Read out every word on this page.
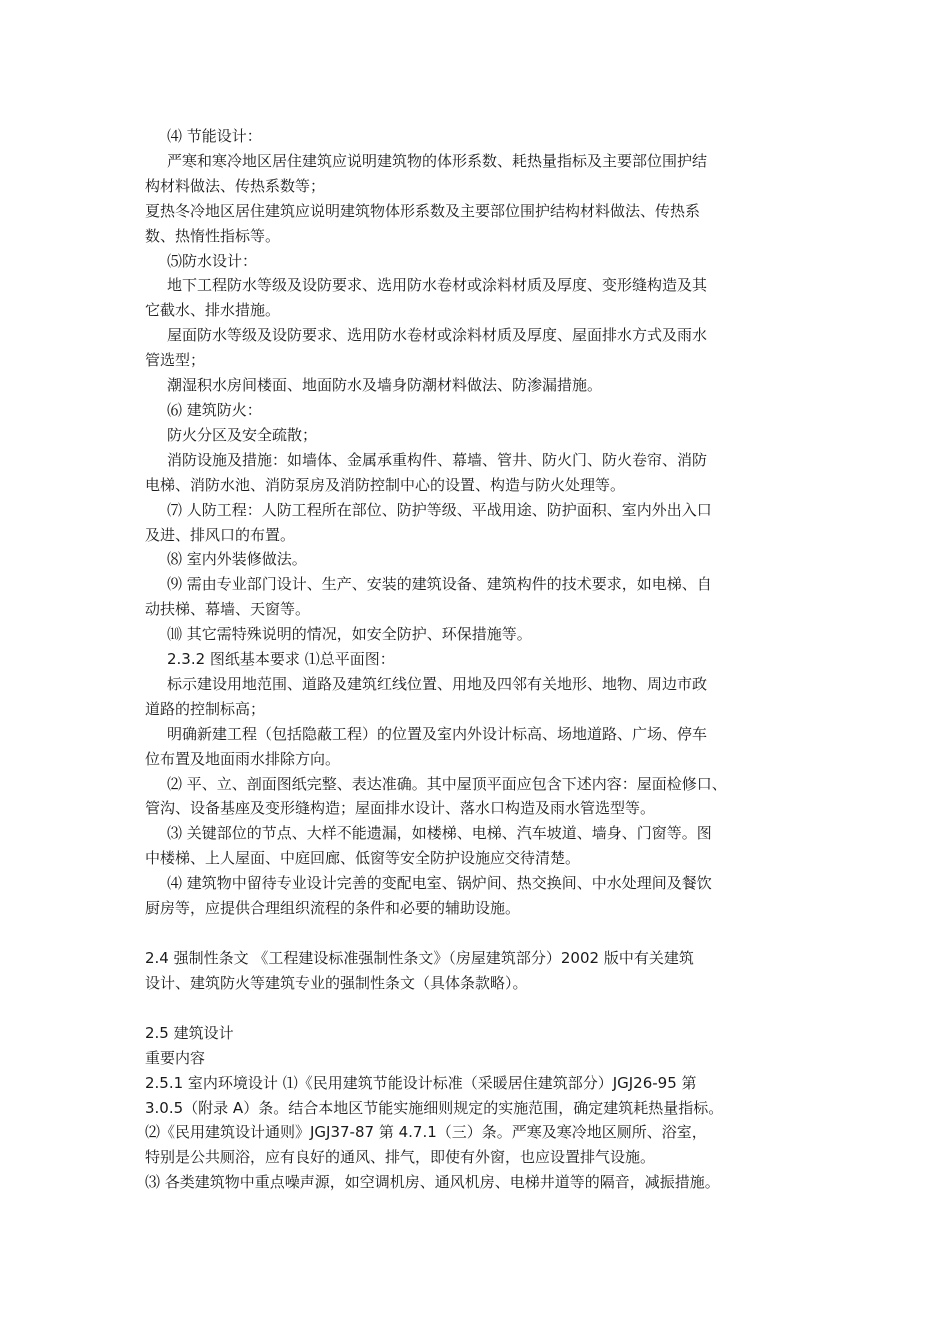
⑷ 节能设计：

严寒和寒冷地区居住建筑应说明建筑物的体形系数、耗热量指标及主要部位围护结

构材料做法、传热系数等；

夏热冬冷地区居住建筑应说明建筑物体形系数及主要部位围护结构材料做法、传热系

数、热惰性指标等。

⑸防水设计：

地下工程防水等级及设防要求、选用防水卷材或涂料材质及厚度、变形缝构造及其

它截水、排水措施。

屋面防水等级及设防要求、选用防水卷材或涂料材质及厚度、屋面排水方式及雨水

管选型；

潮湿积水房间楼面、地面防水及墙身防潮材料做法、防渗漏措施。

⑹ 建筑防火：

防火分区及安全疏散；

消防设施及措施：如墙体、金属承重构件、幕墙、管井、防火门、防火卷帘、消防

电梯、消防水池、消防泵房及消防控制中心的设置、构造与防火处理等。

⑺ 人防工程：人防工程所在部位、防护等级、平战用途、防护面积、室内外出入口

及进、排风口的布置。

⑻ 室内外装修做法。

⑼ 需由专业部门设计、生产、安装的建筑设备、建筑构件的技术要求，如电梯、自

动扶梯、幕墙、天窗等。

⑽ 其它需特殊说明的情况，如安全防护、环保措施等。

2.3.2 图纸基本要求 ⑴总平面图：

标示建设用地范围、道路及建筑红线位置、用地及四邻有关地形、地物、周边市政

道路的控制标高；

明确新建工程（包括隐蔽工程）的位置及室内外设计标高、场地道路、广场、停车

位布置及地面雨水排除方向。

⑵ 平、立、剖面图纸完整、表达准确。其中屋顶平面应包含下述内容：屋面检修口、

管沟、设备基座及变形缝构造；屋面排水设计、落水口构造及雨水管选型等。

⑶ 关键部位的节点、大样不能遗漏，如楼梯、电梯、汽车坡道、墙身、门窗等。图

中楼梯、上人屋面、中庭回廊、低窗等安全防护设施应交待清楚。

⑷ 建筑物中留待专业设计完善的变配电室、锅炉间、热交换间、中水处理间及餐饮

厨房等，应提供合理组织流程的条件和必要的辅助设施。

2.4 强制性条文 《工程建设标准强制性条文》（房屋建筑部分）2002 版中有关建筑

设计、建筑防火等建筑专业的强制性条文（具体条款略）。

2.5 建筑设计

重要内容

2.5.1 室内环境设计 ⑴《民用建筑节能设计标准（采暖居住建筑部分）JGJ26-95 第

3.0.5（附录 A）条。结合本地区节能实施细则规定的实施范围，确定建筑耗热量指标。

⑵《民用建筑设计通则》JGJ37-87 第 4.7.1（三）条。严寒及寒冷地区厕所、浴室，

特别是公共厕浴，应有良好的通风、排气，即使有外窗，也应设置排气设施。

⑶ 各类建筑物中重点噪声源，如空调机房、通风机房、电梯井道等的隔音，减振措施。
